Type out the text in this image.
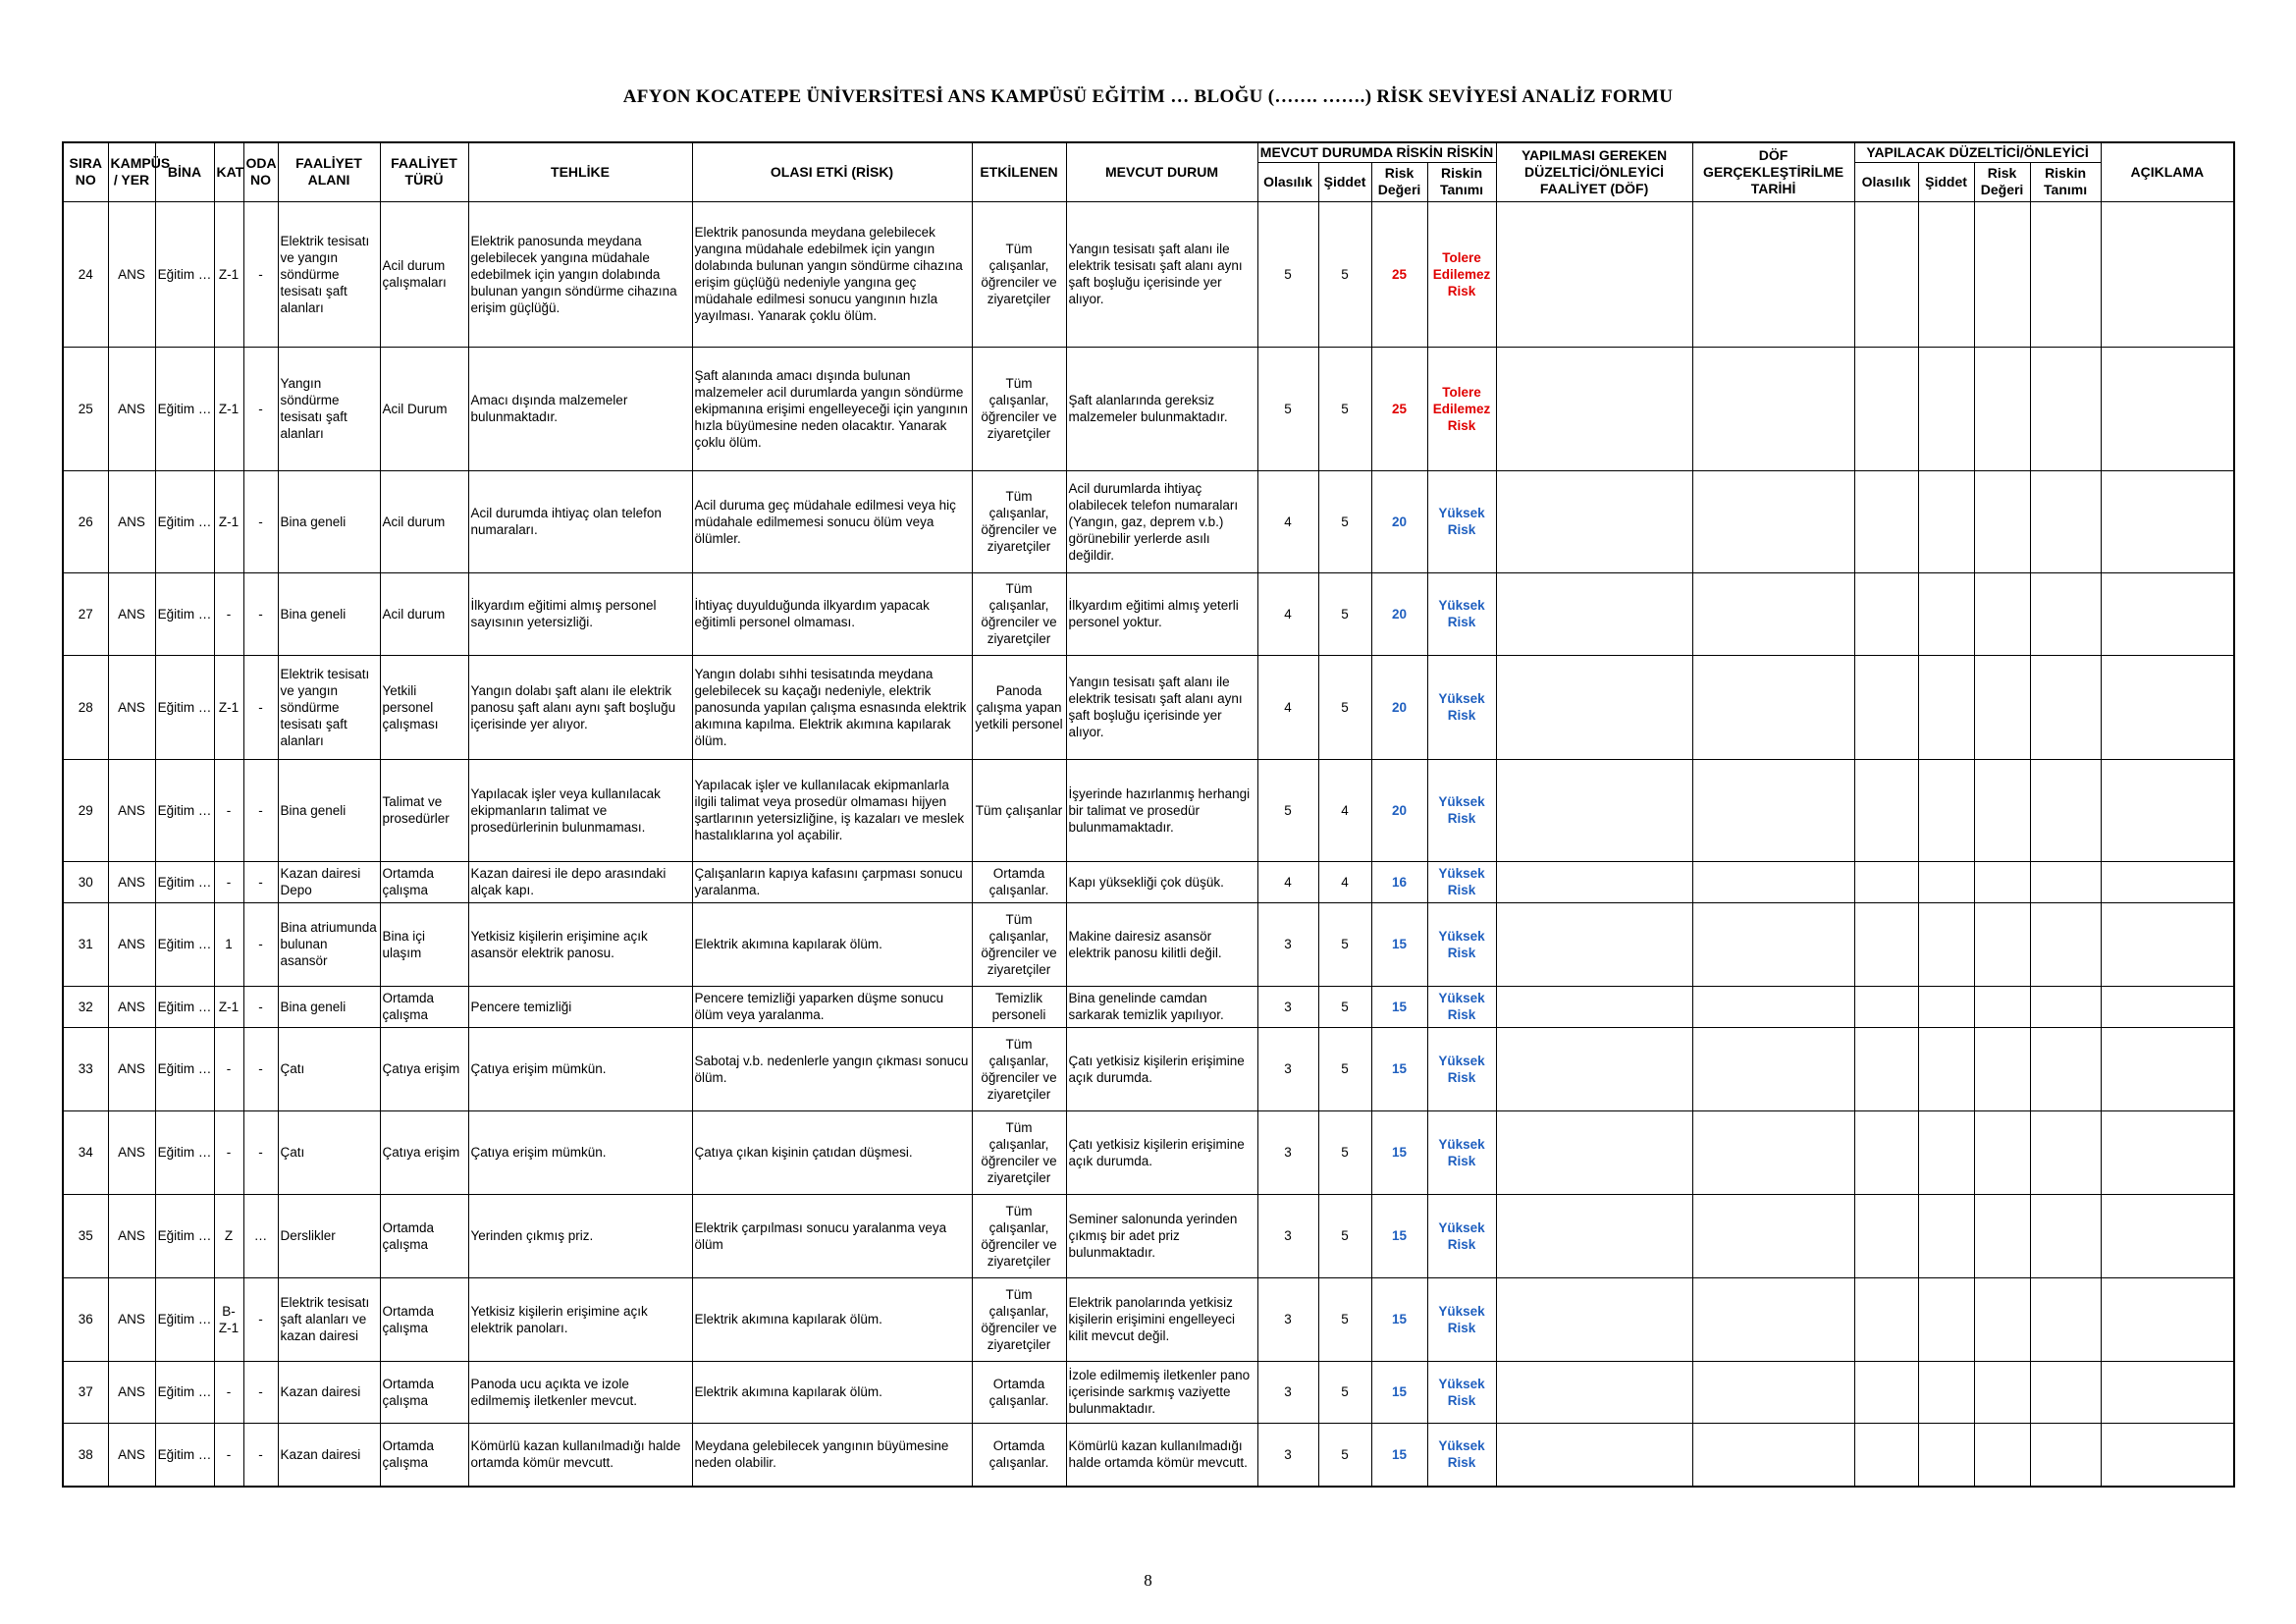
AFYON KOCATEPE ÜNİVERSİTESİ ANS KAMPÜSÜ EĞİTİM … BLOĞU (……. …….) RİSK SEVİYESİ ANALİZ FORMU
SIRA NO	KAMPÜS / YER	BİNA	KAT	ODA NO	FAALİYET ALANI	FAALİYET TÜRÜ	TEHLİKE	OLASI ETKİ (RİSK)	ETKİLENEN	MEVCUT DURUM	MEVCUT DURUMDA RİSKİN RİSKİN				YAPILMASI GEREKEN DÜZELTİCİ/ÖNLEYİCİ FAALİYET (DÖF)	DÖF GERÇEKLEŞTİRİLME TARİHİ	YAPILACAK DÜZELTİCİ/ÖNLEYİCİ				AÇIKLAMA
											Olasılık	Şiddet	Risk Değeri	Riskin Tanımı			Olasılık	Şiddet	Risk Değeri	Riskin Tanımı	
24	ANS	Eğitim …	Z-1	-	Elektrik tesisatı ve yangın söndürme tesisatı şaft alanları	Acil durum çalışmaları	Elektrik panosunda meydana gelebilecek yangına müdahale edebilmek için yangın dolabında bulunan yangın söndürme cihazına erişim güçlüğü.	Elektrik panosunda meydana gelebilecek yangına müdahale edebilmek için yangın dolabında bulunan yangın söndürme cihazına erişim güçlüğü nedeniyle yangına geç müdahale edilmesi sonucu yangının hızla yayılması. Yanarak çoklu ölüm.	Tüm çalışanlar, öğrenciler ve ziyaretçiler	Yangın tesisatı şaft alanı ile elektrik tesisatı şaft alanı aynı şaft boşluğu içerisinde yer alıyor.	5	5	25	Tolere Edilemez Risk							
25	ANS	Eğitim …	Z-1	-	Yangın söndürme tesisatı şaft alanları	Acil Durum	Amacı dışında malzemeler bulunmaktadır.	Şaft alanında amacı dışında bulunan malzemeler acil durumlarda yangın söndürme ekipmanına erişimi engelleyeceği için yangının hızla büyümesine neden olacaktır. Yanarak çoklu ölüm.	Tüm çalışanlar, öğrenciler ve ziyaretçiler	Şaft alanlarında gereksiz malzemeler bulunmaktadır.	5	5	25	Tolere Edilemez Risk							
26	ANS	Eğitim …	Z-1	-	Bina geneli	Acil durum	Acil durumda ihtiyaç olan telefon numaraları.	Acil duruma geç müdahale edilmesi veya hiç müdahale edilmemesi sonucu ölüm veya ölümler.	Tüm çalışanlar, öğrenciler ve ziyaretçiler	Acil durumlarda ihtiyaç olabilecek telefon numaraları (Yangın, gaz, deprem v.b.) görünebilir yerlerde asılı değildir.	4	5	20	Yüksek Risk							
27	ANS	Eğitim …	-	-	Bina geneli	Acil durum	İlkyardım eğitimi almış personel sayısının yetersizliği.	İhtiyaç duyulduğunda ilkyardım yapacak eğitimli personel olmaması.	Tüm çalışanlar, öğrenciler ve ziyaretçiler	İlkyardım eğitimi almış yeterli personel yoktur.	4	5	20	Yüksek Risk							
28	ANS	Eğitim …	Z-1	-	Elektrik tesisatı ve yangın söndürme tesisatı şaft alanları	Yetkili personel çalışması	Yangın dolabı şaft alanı ile elektrik panosu şaft alanı aynı şaft boşluğu içerisinde yer alıyor.	Yangın dolabı sıhhi tesisatında meydana gelebilecek su kaçağı nedeniyle, elektrik panosunda yapılan çalışma esnasında elektrik akımına kapılma. Elektrik akımına kapılarak ölüm.	Panoda çalışma yapan yetkili personel	Yangın tesisatı şaft alanı ile elektrik tesisatı şaft alanı aynı şaft boşluğu içerisinde yer alıyor.	4	5	20	Yüksek Risk							
29	ANS	Eğitim …	-	-	Bina geneli	Talimat ve prosedürler	Yapılacak işler veya kullanılacak ekipmanların talimat ve prosedürlerinin bulunmaması.	Yapılacak işler ve kullanılacak ekipmanlarla ilgili talimat veya prosedür olmaması hijyen şartlarının yetersizliğine, iş kazaları ve meslek hastalıklarına yol açabilir.	Tüm çalışanlar	İşyerinde hazırlanmış herhangi bir talimat ve prosedür bulunmamaktadır.	5	4	20	Yüksek Risk							
30	ANS	Eğitim …	-	-	Kazan dairesi Depo	Ortamda çalışma	Kazan dairesi ile depo arasındaki alçak kapı.	Çalışanların kapıya kafasını çarpması sonucu yaralanma.	Ortamda çalışanlar.	Kapı yüksekliği çok düşük.	4	4	16	Yüksek Risk							
31	ANS	Eğitim …	1	-	Bina atriumunda bulunan asansör	Bina içi ulaşım	Yetkisiz kişilerin erişimine açık asansör elektrik panosu.	Elektrik akımına kapılarak ölüm.	Tüm çalışanlar, öğrenciler ve ziyaretçiler	Makine dairesiz asansör elektrik panosu kilitli değil.	3	5	15	Yüksek Risk							
32	ANS	Eğitim …	Z-1	-	Bina geneli	Ortamda çalışma	Pencere temizliği	Pencere temizliği yaparken düşme sonucu ölüm veya yaralanma.	Temizlik personeli	Bina genelinde camdan sarkarak temizlik yapılıyor.	3	5	15	Yüksek Risk							
33	ANS	Eğitim …	-	-	Çatı	Çatıya erişim	Çatıya erişim mümkün.	Sabotaj v.b. nedenlerle yangın çıkması sonucu ölüm.	Tüm çalışanlar, öğrenciler ve ziyaretçiler	Çatı yetkisiz kişilerin erişimine açık durumda.	3	5	15	Yüksek Risk							
34	ANS	Eğitim …	-	-	Çatı	Çatıya erişim	Çatıya erişim mümkün.	Çatıya çıkan kişinin çatıdan düşmesi.	Tüm çalışanlar, öğrenciler ve ziyaretçiler	Çatı yetkisiz kişilerin erişimine açık durumda.	3	5	15	Yüksek Risk							
35	ANS	Eğitim …	Z	…	Derslikler	Ortamda çalışma	Yerinden çıkmış priz.	Elektrik çarpılması sonucu yaralanma veya ölüm	Tüm çalışanlar, öğrenciler ve ziyaretçiler	Seminer salonunda yerinden çıkmış bir adet priz bulunmaktadır.	3	5	15	Yüksek Risk							
36	ANS	Eğitim …	B-Z-1	-	Elektrik tesisatı şaft alanları ve kazan dairesi	Ortamda çalışma	Yetkisiz kişilerin erişimine açık elektrik panoları.	Elektrik akımına kapılarak ölüm.	Tüm çalışanlar, öğrenciler ve ziyaretçiler	Elektrik panolarında yetkisiz kişilerin erişimini engelleyeci kilit mevcut değil.	3	5	15	Yüksek Risk							
37	ANS	Eğitim …	-	-	Kazan dairesi	Ortamda çalışma	Panoda ucu açıkta ve izole edilmemiş iletkenler mevcut.	Elektrik akımına kapılarak ölüm.	Ortamda çalışanlar.	İzole edilmemiş iletkenler pano içerisinde sarkmış vaziyette bulunmaktadır.	3	5	15	Yüksek Risk							
38	ANS	Eğitim …	-	-	Kazan dairesi	Ortamda çalışma	Kömürlü kazan kullanılmadığı halde ortamda kömür mevcutt.	Meydana gelebilecek yangının büyümesine neden olabilir.	Ortamda çalışanlar.	Kömürlü kazan kullanılmadığı halde ortamda kömür mevcutt.	3	5	15	Yüksek Risk							
8
